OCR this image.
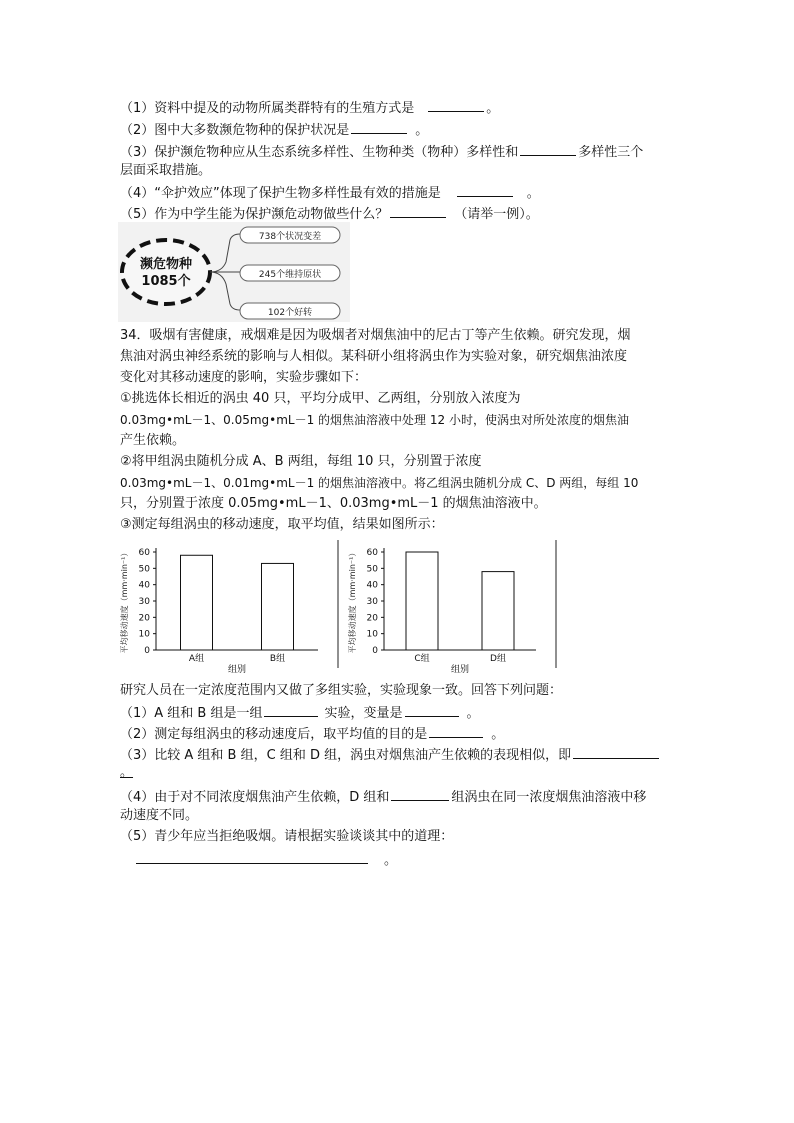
（1）资料中提及的动物所属类群特有的生殖方式是	。
（2）图中大多数濒危物种的保护状况是	。
（3）保护濒危物种应从生态系统多样性、生物种类（物种）多样性和	多样性三个
层面采取措施。
（4）“伞护效应”体现了保护生物多样性最有效的措施是	。
（5）作为中学生能为保护濒危动物做些什么？	（请举一例）。
濒危物种
1085个
738个状况变差
245个维持原状
102个好转
34．吸烟有害健康，戒烟难是因为吸烟者对烟焦油中的尼古丁等产生依赖。研究发现，烟
焦油对涡虫神经系统的影响与人相似。某科研小组将涡虫作为实验对象，研究烟焦油浓度
变化对其移动速度的影响，实验步骤如下：
①挑选体长相近的涡虫 40 只，平均分成甲、乙两组，分别放入浓度为
0.03mg•mL－1、0.05mg•mL－1 的烟焦油溶液中处理 12 小时，使涡虫对所处浓度的烟焦油
产生依赖。
②将甲组涡虫随机分成 A、B 两组，每组 10 只，分别置于浓度
0.03mg•mL－1、0.01mg•mL－1 的烟焦油溶液中。将乙组涡虫随机分成 C、D 两组，每组 10
只，分别置于浓度 0.05mg•mL－1、0.03mg•mL－1 的烟焦油溶液中。
③测定每组涡虫的移动速度，取平均值，结果如图所示：
平均移动速度（mm·min⁻¹） 0
10
20
30
40
50
60
A组	B组
组别
平均移动速度（mm·min⁻¹） 0
10
20
30
40
50
60
C组	D组
组别
研究人员在一定浓度范围内又做了多组实验，实验现象一致。回答下列问题：
（1）A 组和 B 组是一组	实验，变量是	。
（2）测定每组涡虫的移动速度后，取平均值的目的是	。
（3）比较 A 组和 B 组，C 组和 D 组，涡虫对烟焦油产生依赖的表现相似，即
。
（4）由于对不同浓度烟焦油产生依赖，D 组和	组涡虫在同一浓度烟焦油溶液中移
动速度不同。
（5）青少年应当拒绝吸烟。请根据实验谈谈其中的道理：
。
